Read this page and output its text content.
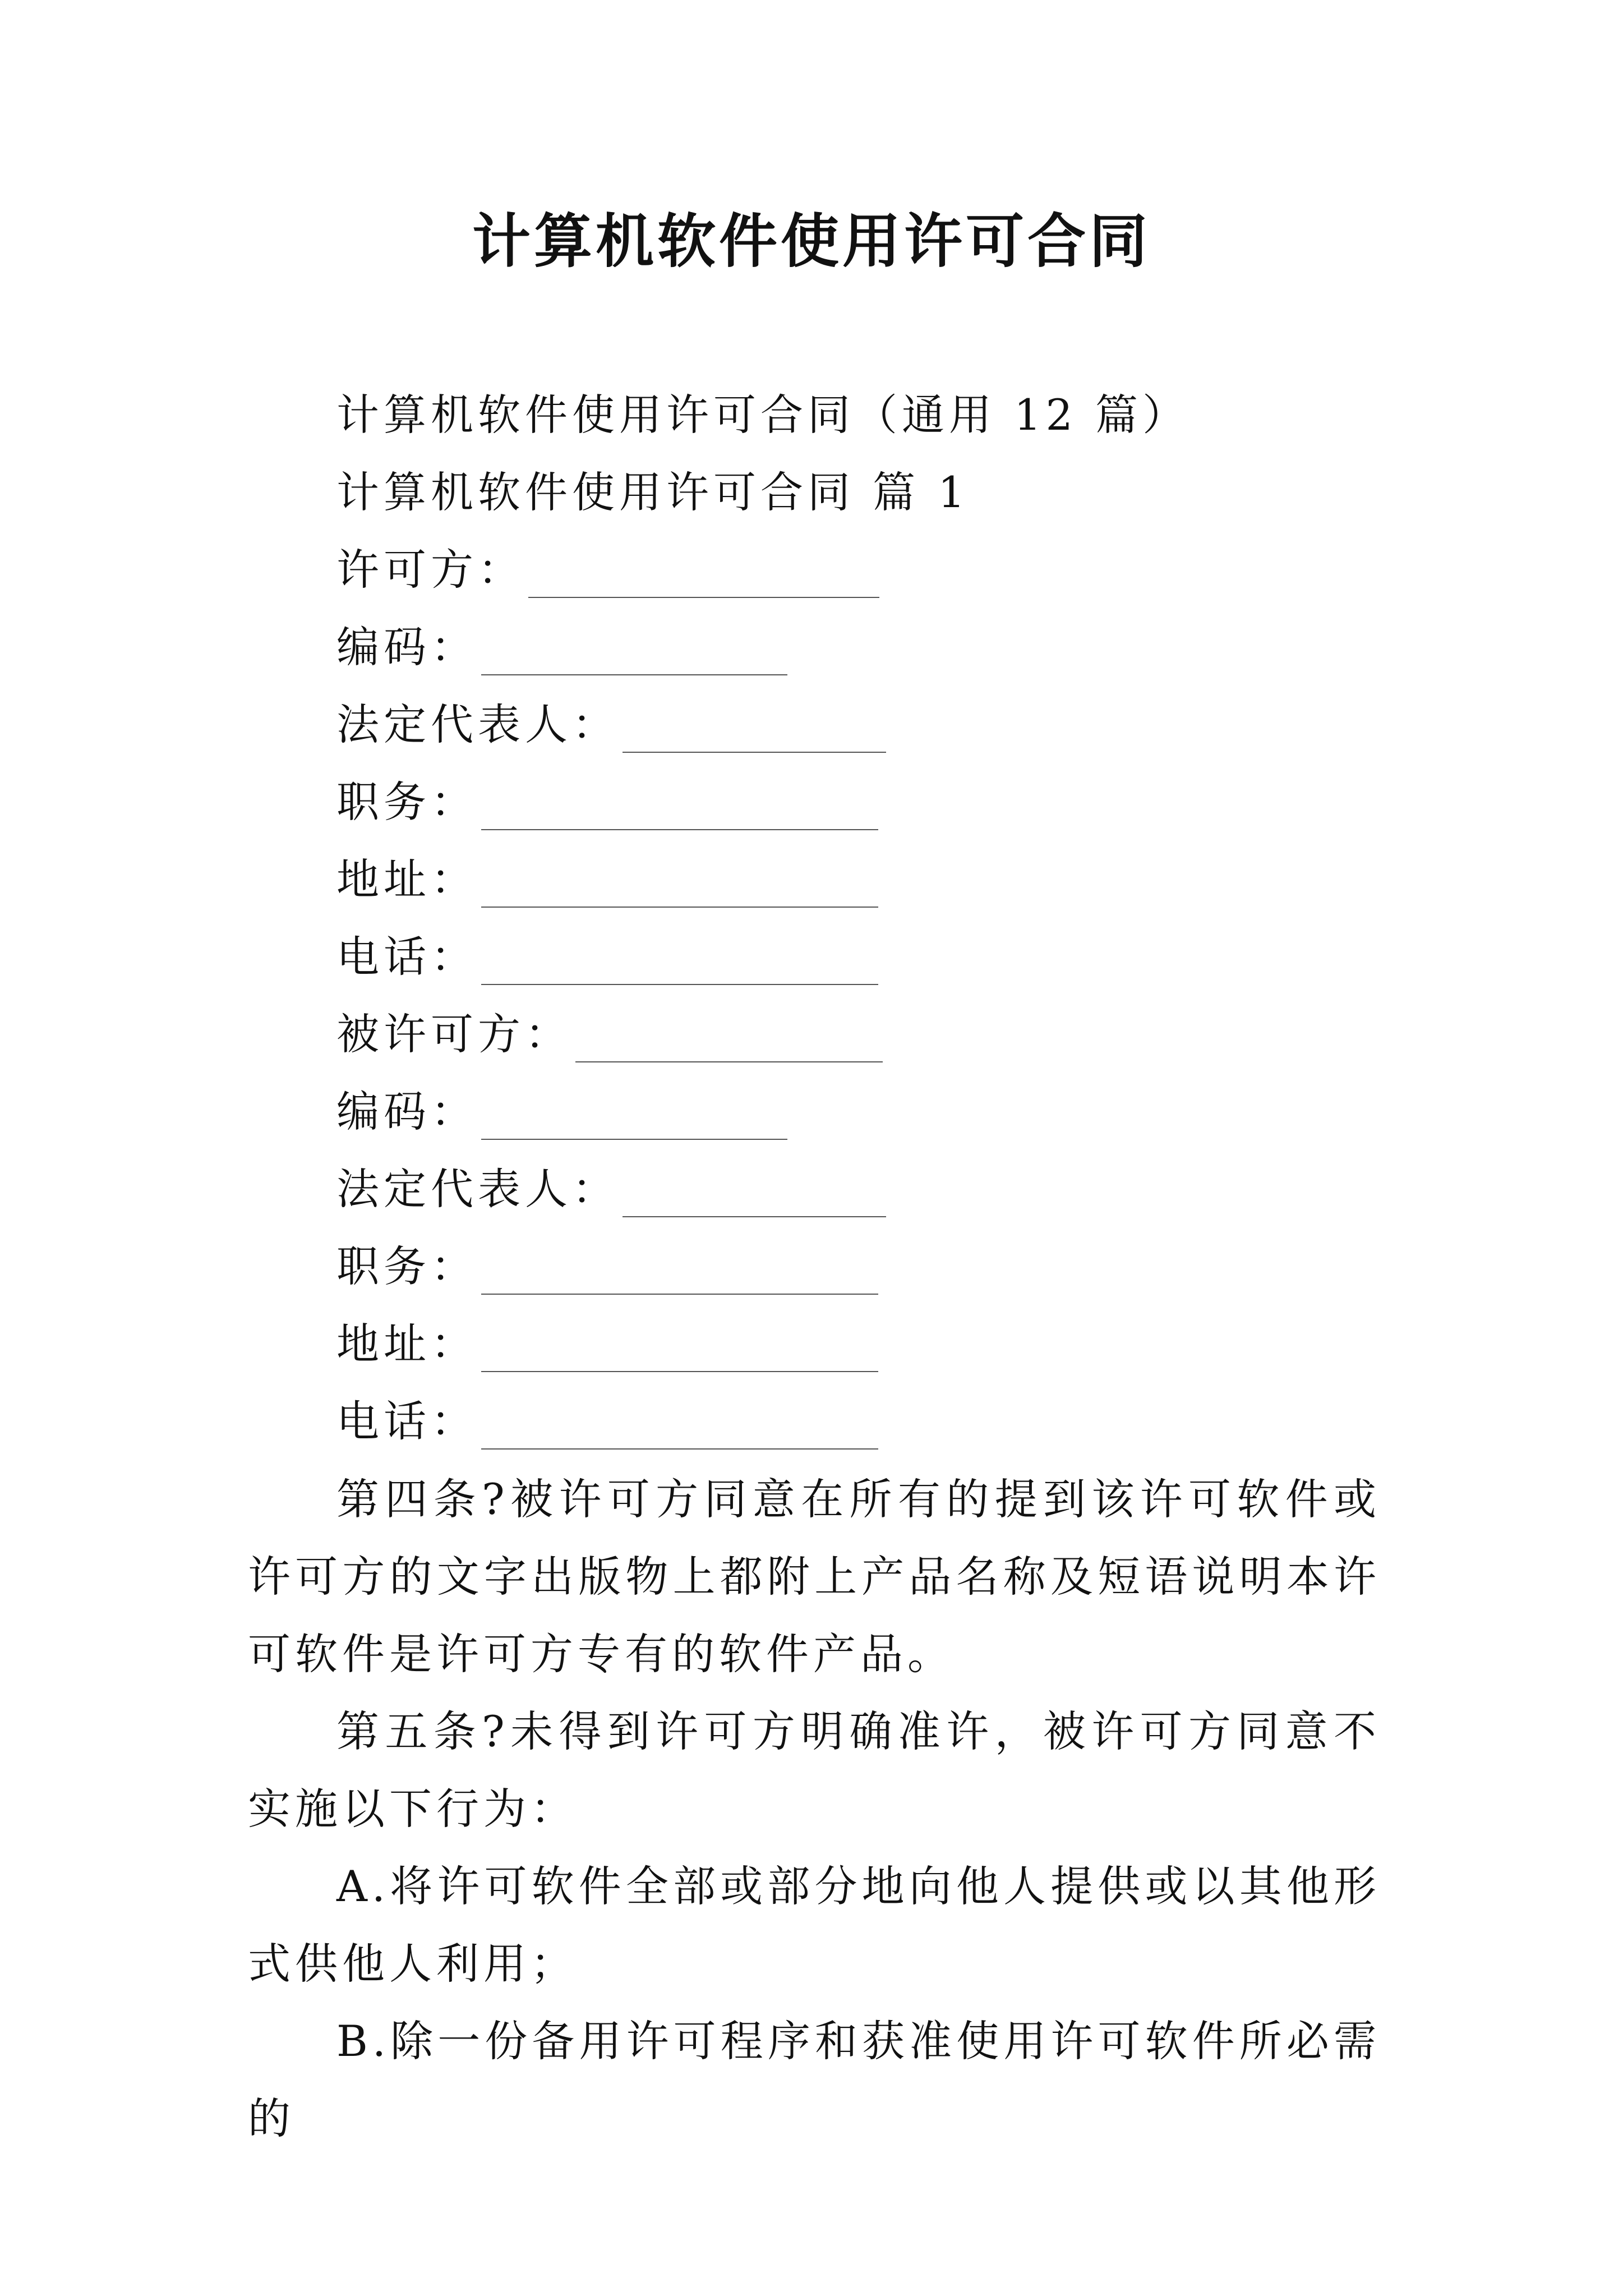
计算机软件使用许可合同
计算机软件使用许可合同（通用 12 篇）
计算机软件使用许可合同 篇 1
许可方：
编码：
法定代表人：
职务：
地址：
电话：
被许可方：
编码：
法定代表人：
职务：
地址：
电话：

第四条?被许可方同意在所有的提到该许可软件或许可方的文字出版物上都附上产品名称及短语说明本许可软件是许可方专有的软件产品。

第五条?未得到许可方明确准许，被许可方同意不实施以下行为：

A.将许可软件全部或部分地向他人提供或以其他形式供他人利用；

B.除一份备用许可程序和获准使用许可软件所必需的
